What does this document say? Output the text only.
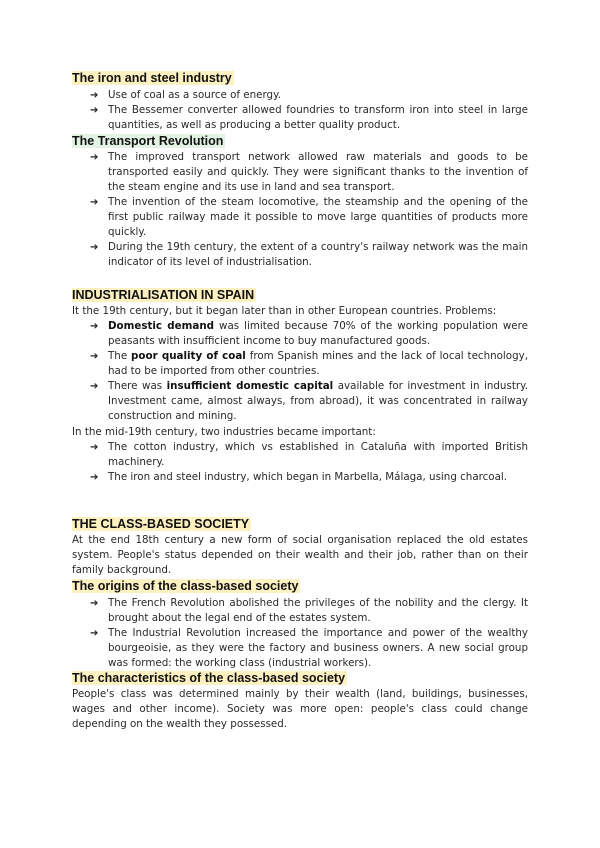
The iron and steel industry
➔ Use of coal as a source of energy.
➔ The Bessemer converter allowed foundries to transform iron into steel in large quantities, as well as producing a better quality product.
The Transport Revolution
➔ The improved transport network allowed raw materials and goods to be transported easily and quickly. They were significant thanks to the invention of the steam engine and its use in land and sea transport.
➔ The invention of the steam locomotive, the steamship and the opening of the first public railway made it possible to move large quantities of products more quickly.
➔ During the 19th century, the extent of a country's railway network was the main indicator of its level of industrialisation.
INDUSTRIALISATION IN SPAIN

It the 19th century, but it began later than in other European countries. Problems:

➔ Domestic demand was limited because 70% of the working population were peasants with insufficient income to buy manufactured goods.
➔ The poor quality of coal from Spanish mines and the lack of local technology, had to be imported from other countries.
➔ There was insufficient domestic capital available for investment in industry. Investment came, almost always, from abroad), it was concentrated in railway construction and mining.

In the mid-19th century, two industries became important:

➔ The cotton industry, which vs established in Cataluña with imported British machinery.
➔ The iron and steel industry, which began in Marbella, Málaga, using charcoal.
THE CLASS-BASED SOCIETY

At the end 18th century a new form of social organisation replaced the old estates system. People's status depended on their wealth and their job, rather than on their family background.

The origins of the class-based society
➔ The French Revolution abolished the privileges of the nobility and the clergy. It brought about the legal end of the estates system.
➔ The Industrial Revolution increased the importance and power of the wealthy bourgeoisie, as they were the factory and business owners. A new social group was formed: the working class (industrial workers).
The characteristics of the class-based society

People's class was determined mainly by their wealth (land, buildings, businesses, wages and other income). Society was more open: people's class could change depending on the wealth they possessed.
